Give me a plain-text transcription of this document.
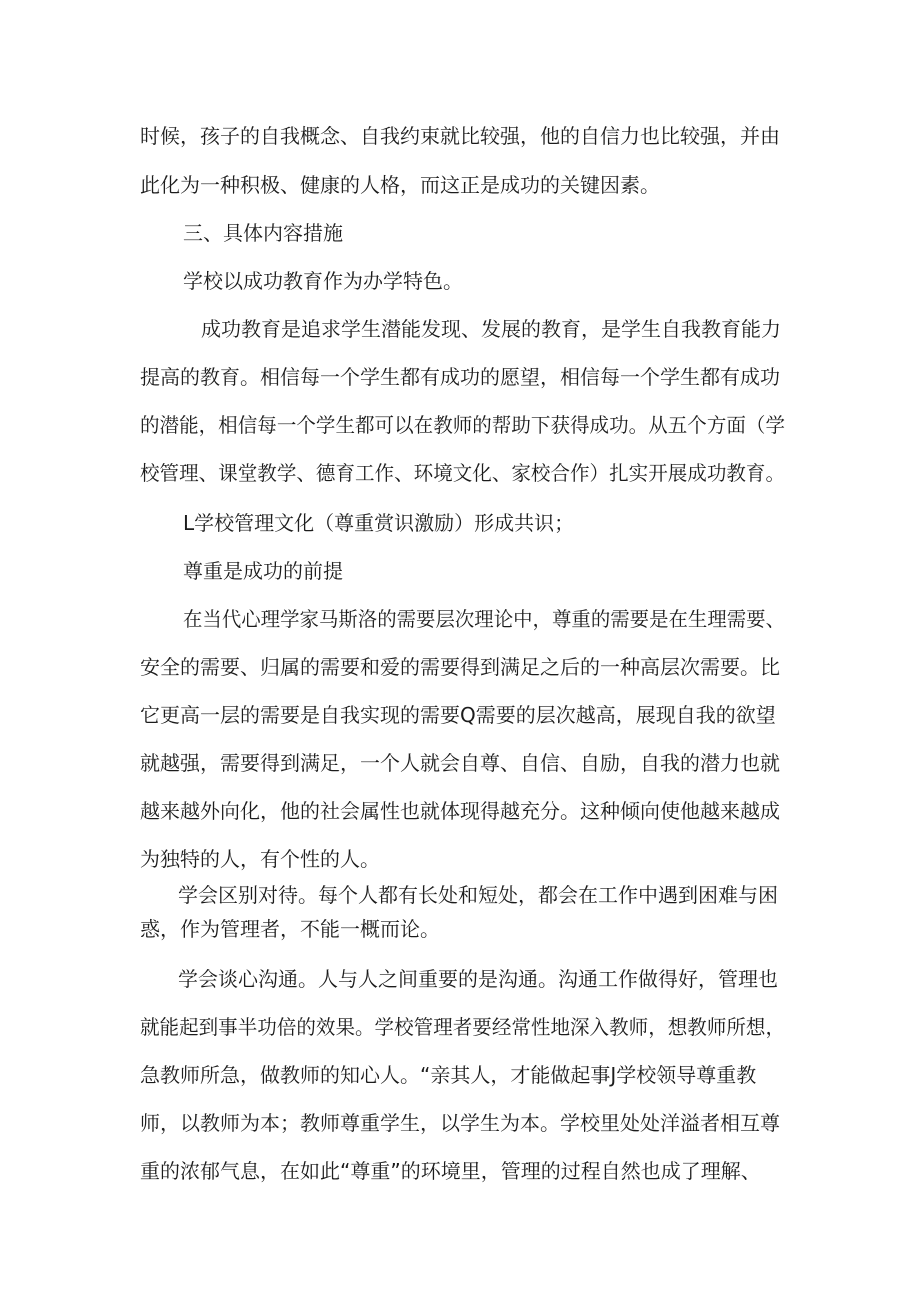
时候，孩子的自我概念、自我约束就比较强，他的自信力也比较强，并由

此化为一种积极、健康的人格，而这正是成功的关键因素。

三、具体内容措施

学校以成功教育作为办学特色。

成功教育是追求学生潜能发现、发展的教育，是学生自我教育能力

提高的教育。相信每一个学生都有成功的愿望，相信每一个学生都有成功

的潜能，相信每一个学生都可以在教师的帮助下获得成功。从五个方面（学

校管理、课堂教学、德育工作、环境文化、家校合作）扎实开展成功教育。

L学校管理文化（尊重赏识激励）形成共识；

尊重是成功的前提

在当代心理学家马斯洛的需要层次理论中，尊重的需要是在生理需要、

安全的需要、归属的需要和爱的需要得到满足之后的一种高层次需要。比

它更高一层的需要是自我实现的需要Q需要的层次越高，展现自我的欲望

就越强，需要得到满足，一个人就会自尊、自信、自励，自我的潜力也就

越来越外向化，他的社会属性也就体现得越充分。这种倾向使他越来越成

为独特的人，有个性的人。

学会区别对待。每个人都有长处和短处，都会在工作中遇到困难与困

惑，作为管理者，不能一概而论。

学会谈心沟通。人与人之间重要的是沟通。沟通工作做得好，管理也

就能起到事半功倍的效果。学校管理者要经常性地深入教师，想教师所想，

急教师所急，做教师的知心人。“亲其人，才能做起事J学校领导尊重教

师，以教师为本；教师尊重学生，以学生为本。学校里处处洋溢者相互尊

重的浓郁气息，在如此“尊重”的环境里，管理的过程自然也成了理解、
